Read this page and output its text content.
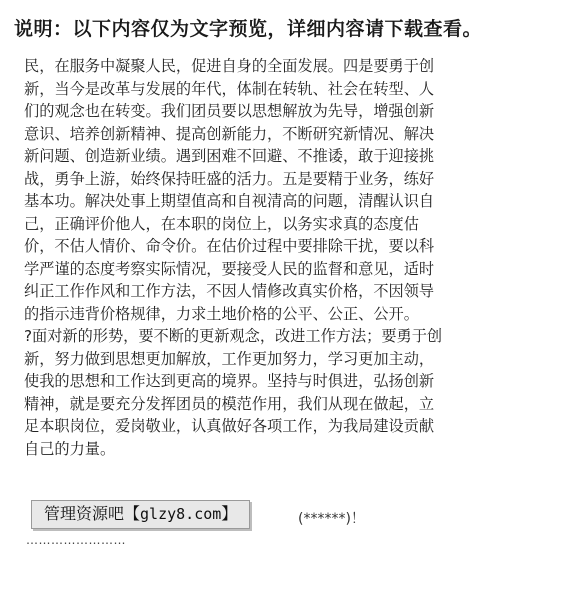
说明：以下内容仅为文字预览，详细内容请下载查看。
民，在服务中凝聚人民，促进自身的全面发展。四是要勇于创
新，当今是改革与发展的年代，体制在转轨、社会在转型、人
们的观念也在转变。我们团员要以思想解放为先导，增强创新
意识、培养创新精神、提高创新能力，不断研究新情况、解决
新问题、创造新业绩。遇到困难不回避、不推诿，敢于迎接挑
战，勇争上游，始终保持旺盛的活力。五是要精于业务，练好
基本功。解决处事上期望值高和自视清高的问题，清醒认识自
己，正确评价他人，在本职的岗位上，以务实求真的态度估
价，不估人情价、命令价。在估价过程中要排除干扰，要以科
学严谨的态度考察实际情况，要接受人民的监督和意见，适时
纠正工作作风和工作方法，不因人情修改真实价格，不因领导
的指示违背价格规律，力求土地价格的公平、公正、公开。
?面对新的形势，要不断的更新观念，改进工作方法；要勇于创
新，努力做到思想更加解放，工作更加努力，学习更加主动，
使我的思想和工作达到更高的境界。坚持与时俱进，弘扬创新
精神，就是要充分发挥团员的模范作用，我们从现在做起，立
足本职岗位，爱岗敬业，认真做好各项工作，为我局建设贡献
自己的力量。
(******)！
管理资源吧【glzy8.com】
……………………
